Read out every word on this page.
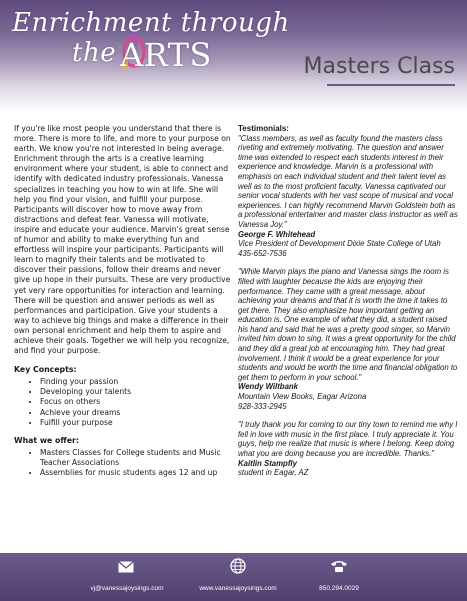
Enrichment through
the ARTS	Masters Class

If you're like most people you understand that there is more. There is more to life, and more to your purpose on earth. We know you're not interested in being average. Enrichment through the arts is a creative learning environment where your student, is able to connect and identify with dedicated industry professionals. Vanessa specializes in teaching you how to win at life. She will help you find your vision, and fulfill your purpose. Participants will discover how to move away from distractions and defeat fear. Vanessa will motivate, inspire and educate your audience. Marvin's great sense of humor and ability to make everything fun and effortless will inspire your participants. Participants will learn to magnify their talents and be motivated to discover their passions, follow their dreams and never give up hope in their pursuits. These are very productive yet very rare opportunities for interaction and learning. There will be question and answer periods as well as performances and participation. Give your students a way to achieve big things and make a difference in their own personal enrichment and help them to aspire and achieve their goals. Together we will help you recognize, and find your purpose.

Key Concepts:
• Finding your passion
• Developing your talents
• Focus on others
• Achieve your dreams
• Fulfill your purpose
What we offer:
• Masters Classes for College students and Music Teacher Associations
• Assemblies for music students ages 12 and up
Testimonials:
"Class members, as well as faculty found the masters class riveting and extremely motivating. The question and answer time was extended to respect each students interest in their experience and knowledge. Marvin is a professional with emphasis on each individual student and their talent level as well as to the most proficient faculty. Vanessa captivated our senior vocal students with her vast scope of musical and vocal experiences. I can highly recommend Marvin Goldstein both as a professional entertainer and master class instructor as well as Vanessa Joy."
George F. Whitehead
Vice President of Development Dixie State College of Utah 435-652-7536
"While Marvin plays the piano and Vanessa sings the room is filled with laughter because the kids are enjoying their performance. They came with a great message, about achieving your dreams and that it is worth the time it takes to get there. They also emphasize how important getting an education is. One example of what they did, a student raised his hand and said that he was a pretty good singer, so Marvin invited him down to sing. It was a great opportunity for the child and they did a great job at encouraging him. They had great involvement. I think it would be a great experience for your students and would be worth the time and financial obligation to get them to perform in your school."
Wendy Wiltbank
Mountain View Books, Eagar Arizona
928-333-2945
"I truly thank you for coming to our tiny town to remind me why I fell in love with music in the first place. I truly appreciate it. You guys, help me realize that music is where I belong. Keep doing what you are doing because you are incredible. Thanks."
Kaitlin Stampfly
student in Eagar, AZ
vj@vanessajoysings.com	www.vanessajoysings.com	850.294.0029
